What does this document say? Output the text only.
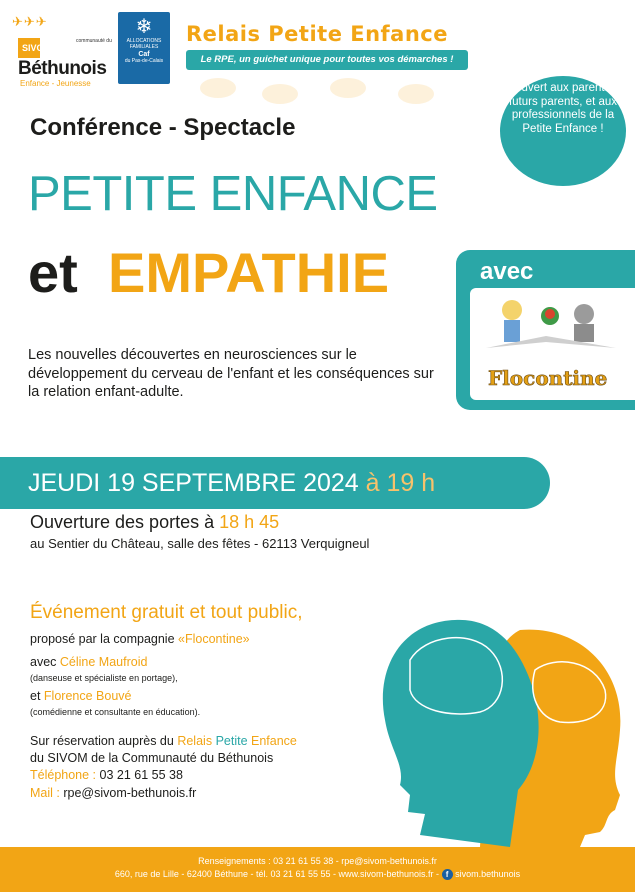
✈✈✈
SIVOM
communauté du
Béthunois
Enfance - Jeunesse
❄
ALLOCATIONS FAMILIALES
Caf
du Pas-de-Calais
Relais Petite Enfance
Le RPE, un guichet unique pour toutes vos démarches !
Ouvert aux parents, futurs parents, et aux professionnels de la Petite Enfance !
Conférence - Spectacle
PETITE ENFANCE
et EMPATHIE	avec
Flocontine
Les nouvelles découvertes en neurosciences sur le développement du cerveau de l'enfant et les conséquences sur la relation enfant-adulte.
JEUDI 19 SEPTEMBRE 2024 à 19 h
Ouverture des portes à 18 h 45
au Sentier du Château, salle des fêtes - 62113 Verquigneul
Événement gratuit et tout public,
proposé par la compagnie «Flocontine»
avec Céline Maufroid
(danseuse et spécialiste en portage),
et Florence Bouvé
(comédienne et consultante en éducation).
Sur réservation auprès du Relais Petite Enfance
du SIVOM de la Communauté du Béthunois
Téléphone : 03 21 61 55 38
Mail : rpe@sivom-bethunois.fr
Renseignements : 03 21 61 55 38 - rpe@sivom-bethunois.fr
660, rue de Lille - 62400 Béthune - tél. 03 21 61 55 55 - www.sivom-bethunois.fr - f sivom.bethunois
